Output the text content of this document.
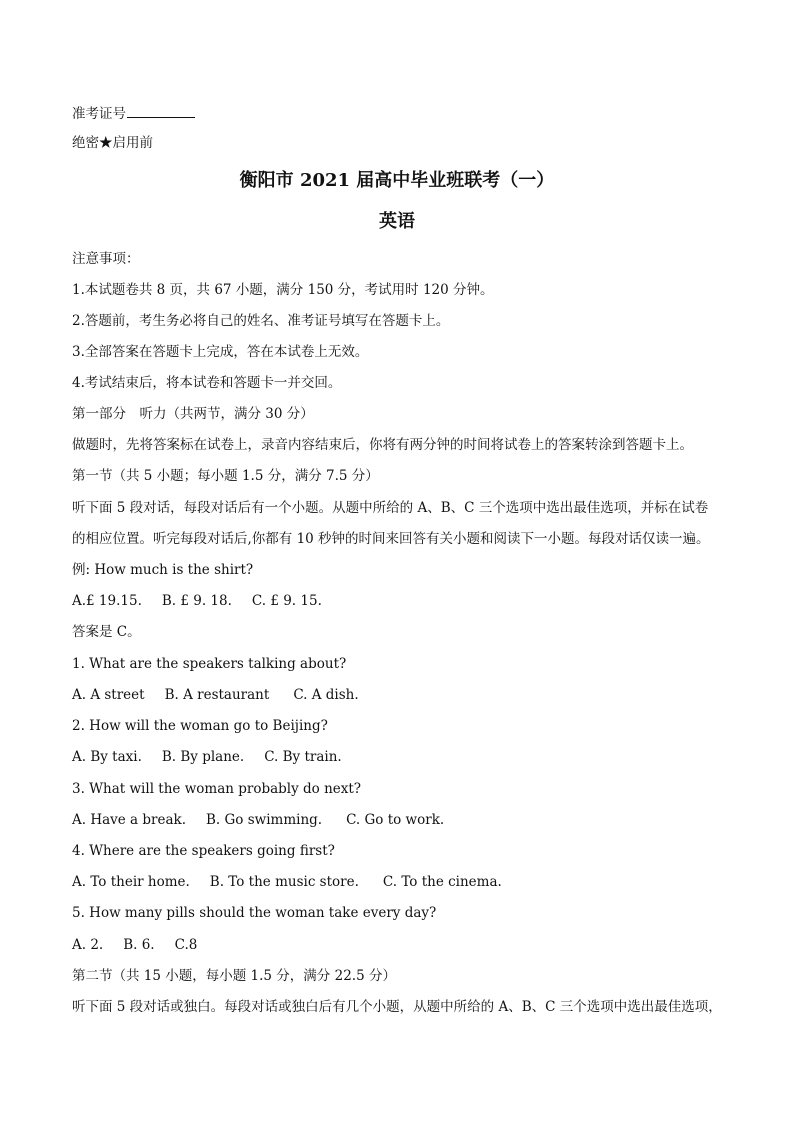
准考证号
绝密★启用前
衡阳市 2021 届高中毕业班联考（一）
英语
注意事项：
1.本试题卷共 8 页，共 67 小题，满分 150 分，考试用时 120 分钟。
2.答题前，考生务必将自己的姓名、准考证号填写在答题卡上。
3.全部答案在答题卡上完成，答在本试卷上无效。
4.考试结束后，将本试卷和答题卡一并交回。
第一部分　听力（共两节，满分 30 分）
做题时，先将答案标在试卷上，录音内容结束后，你将有两分钟的时间将试卷上的答案转涂到答题卡上。
第一节（共 5 小题；每小题 1.5 分，满分 7.5 分）
听下面 5 段对话，每段对话后有一个小题。从题中所给的 A、B、C 三个选项中选出最佳选项，并标在试卷
的相应位置。听完每段对话后,你都有 10 秒钟的时间来回答有关小题和阅读下一小题。每段对话仅读一遍。
例: How much is the shirt?
A.£ 19.15. B. £ 9. 18. C. £ 9. 15.
答案是 C。
1. What are the speakers talking about?
A. A street B. A restaurant C. A dish.
2. How will the woman go to Beijing?
A. By taxi. B. By plane. C. By train.
3. What will the woman probably do next?
A. Have a break. B. Go swimming. C. Go to work.
4. Where are the speakers going first?
A. To their home. B. To the music store. C. To the cinema.
5. How many pills should the woman take every day?
A. 2. B. 6. C.8
第二节（共 15 小题，每小题 1.5 分，满分 22.5 分）
听下面 5 段对话或独白。每段对话或独白后有几个小题，从题中所给的 A、B、C 三个选项中选出最佳选项，
